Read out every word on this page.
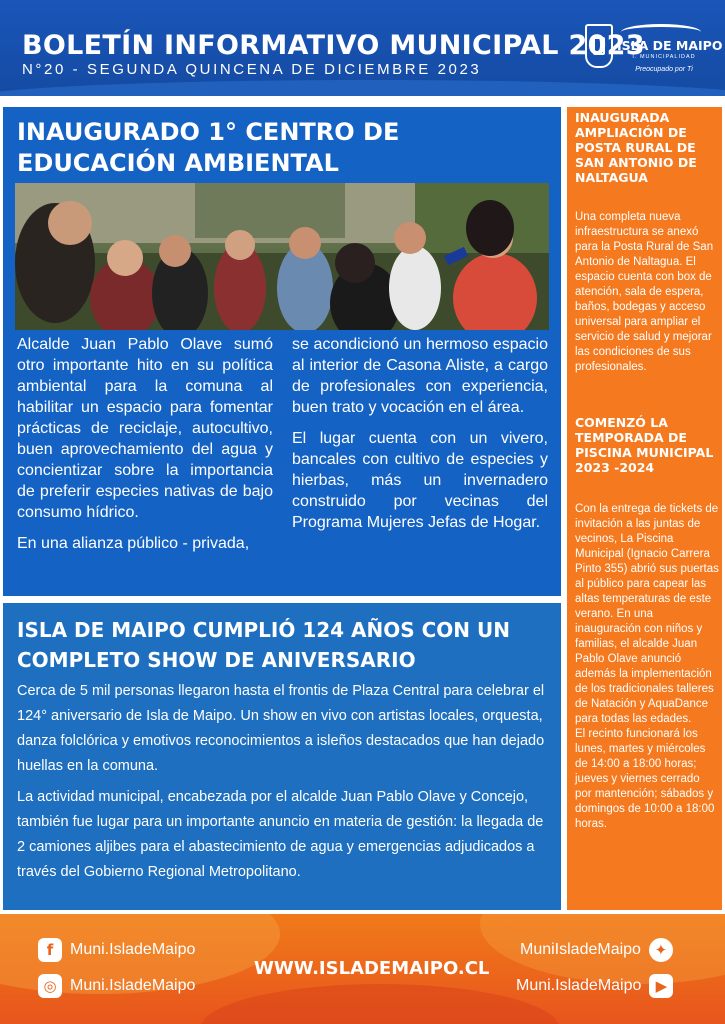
BOLETÍN INFORMATIVO MUNICIPAL 2023
N°20 - SEGUNDA QUINCENA DE DICIEMBRE 2023
ISLA DE MAIPO
I. MUNICIPALIDAD
Preocupado por Ti
INAUGURADO 1° CENTRO DE EDUCACIÓN AMBIENTAL

Alcalde Juan Pablo Olave sumó otro importante hito en su política ambiental para la comuna al habilitar un espacio para fomentar prácticas de reciclaje, autocultivo, buen aprovechamiento del agua y concientizar sobre la importancia de preferir especies nativas de bajo consumo hídrico.

En una alianza público - privada,

se acondicionó un hermoso espacio al interior de Casona Aliste, a cargo de profesionales con experiencia, buen trato y vocación en el área.

El lugar cuenta con un vivero, bancales con cultivo de especies y hierbas, más un invernadero construido por vecinas del Programa Mujeres Jefas de Hogar.

ISLA DE MAIPO CUMPLIÓ 124 AÑOS CON UN COMPLETO SHOW DE ANIVERSARIO

Cerca de 5 mil personas llegaron hasta el frontis de Plaza Central para celebrar el 124° aniversario de Isla de Maipo. Un show en vivo con artistas locales, orquesta, danza folclórica y emotivos reconocimientos a isleños destacados que han dejado huellas en la comuna.

La actividad municipal, encabezada por el alcalde Juan Pablo Olave y Concejo, también fue lugar para un importante anuncio en materia de gestión: la llegada de 2 camiones aljibes para el abastecimiento de agua y emergencias adjudicados a través del Gobierno Regional Metropolitano.

INAUGURADA AMPLIACIÓN DE POSTA RURAL DE SAN ANTONIO DE NALTAGUA

Una completa nueva infraestructura se anexó para la Posta Rural de San Antonio de Naltagua. El espacio cuenta con box de atención, sala de espera, baños, bodegas y acceso universal para ampliar el servicio de salud y mejorar las condiciones de sus profesionales.

COMENZÓ LA TEMPORADA DE PISCINA MUNICIPAL 2023 -2024

Con la entrega de tickets de invitación a las juntas de vecinos, La Piscina Municipal (Ignacio Carrera Pinto 355) abrió sus puertas al público para capear las altas temperaturas de este verano. En una inauguración con niños y familias, el alcalde Juan Pablo Olave anunció además la implementación de los tradicionales talleres de Natación y AquaDance para todas las edades.

El recinto funcionará los lunes, martes y miércoles de 14:00 a 18:00 horas; jueves y viernes cerrado por mantención; sábados y domingos de 10:00 a 18:00 horas.

f	Muni.IsladeMaipo
◎ Muni.IsladeMaipo
WWW.ISLADEMAIPO.CL
MuniIsladeMaipo ✦
Muni.IsladeMaipo ▶
